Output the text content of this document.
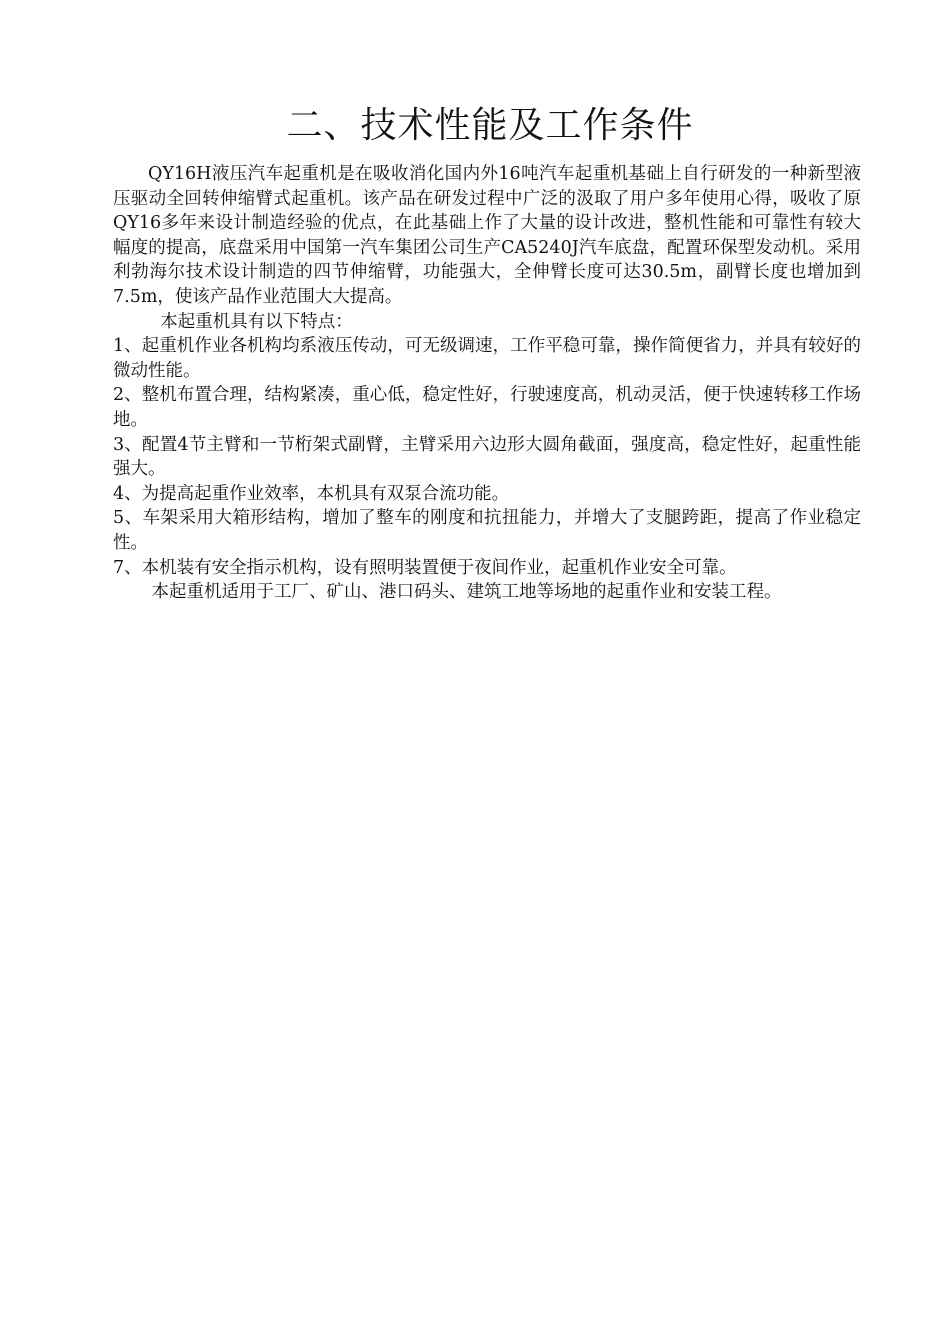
二、技术性能及工作条件

QY16H液压汽车起重机是在吸收消化国内外16吨汽车起重机基础上自行研发的一种新型液压驱动全回转伸缩臂式起重机。该产品在研发过程中广泛的汲取了用户多年使用心得，吸收了原QY16多年来设计制造经验的优点，在此基础上作了大量的设计改进，整机性能和可靠性有较大幅度的提高，底盘采用中国第一汽车集团公司生产CA5240J汽车底盘，配置环保型发动机。采用利勃海尔技术设计制造的四节伸缩臂，功能强大，全伸臂长度可达30.5m，副臂长度也增加到7.5m，使该产品作业范围大大提高。

本起重机具有以下特点：

1、起重机作业各机构均系液压传动，可无级调速，工作平稳可靠，操作简便省力，并具有较好的微动性能。

2、整机布置合理，结构紧凑，重心低，稳定性好，行驶速度高，机动灵活，便于快速转移工作场地。

3、配置4节主臂和一节桁架式副臂，主臂采用六边形大圆角截面，强度高，稳定性好，起重性能强大。

4、为提高起重作业效率，本机具有双泵合流功能。

5、车架采用大箱形结构，增加了整车的刚度和抗扭能力，并增大了支腿跨距，提高了作业稳定性。

7、本机装有安全指示机构，设有照明装置便于夜间作业，起重机作业安全可靠。

本起重机适用于工厂、矿山、港口码头、建筑工地等场地的起重作业和安装工程。
